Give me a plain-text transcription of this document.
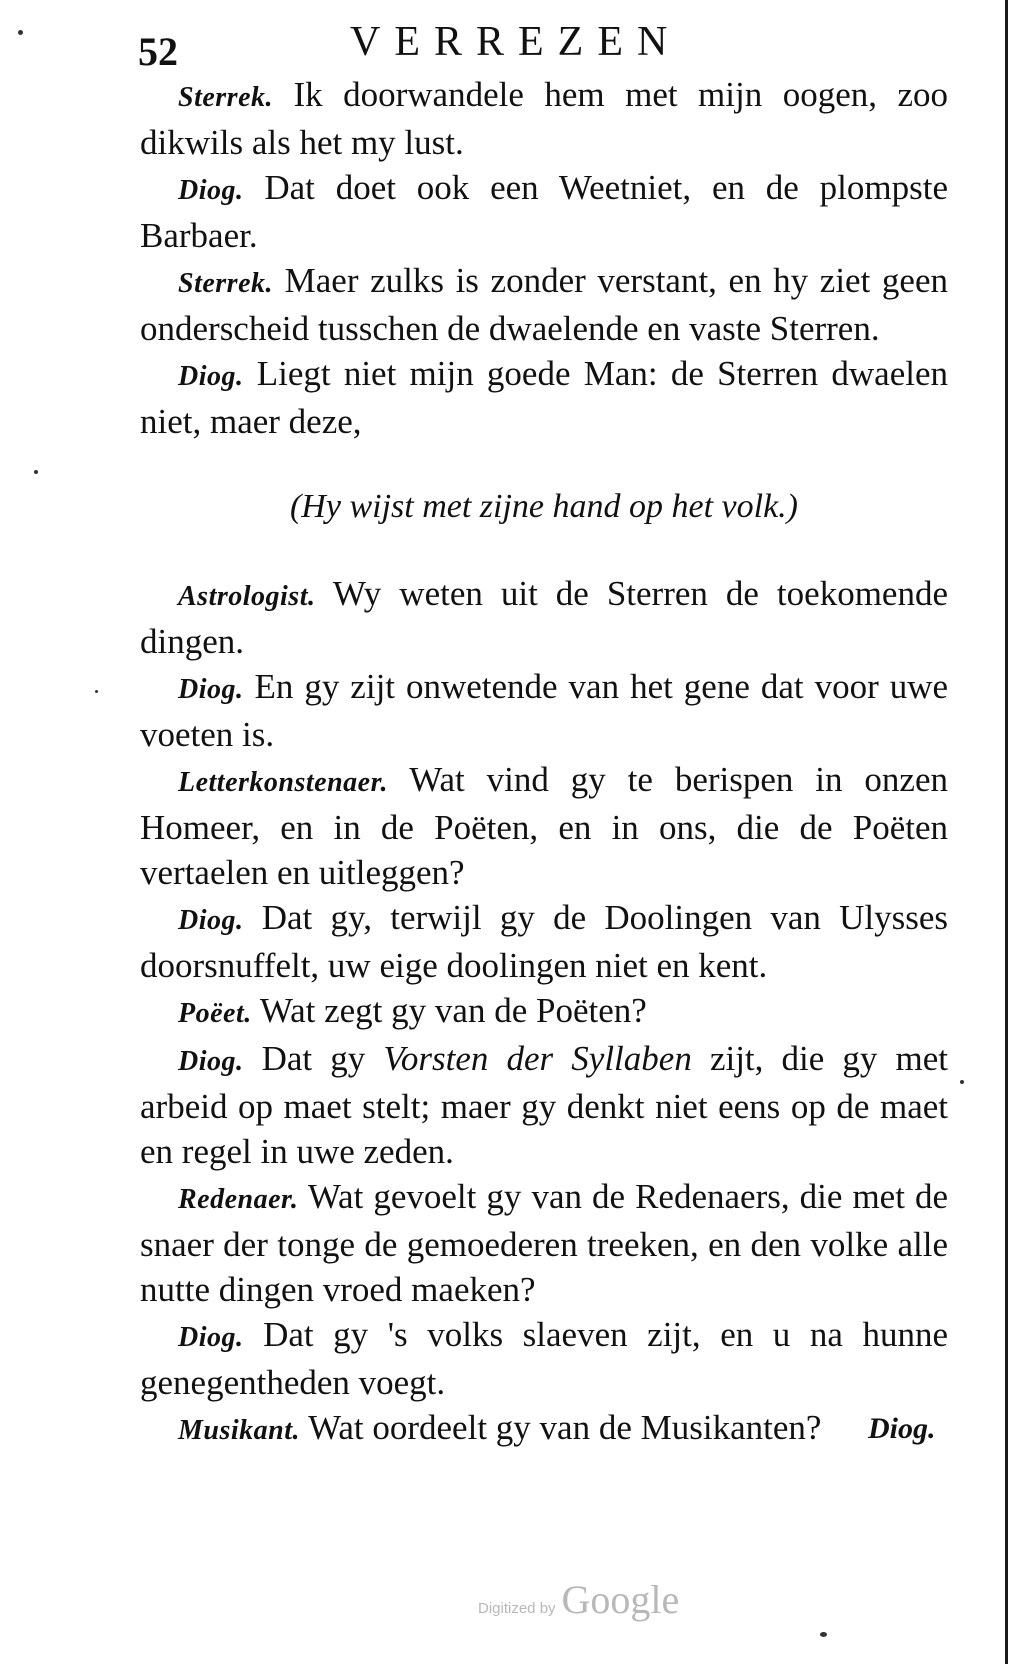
52	VERREZEN

Sterrek. Ik doorwandele hem met mijn oogen, zoo dikwils als het my lust.

Diog. Dat doet ook een Weetniet, en de plompste Barbaer.

Sterrek. Maer zulks is zonder verstant, en hy ziet geen onderscheid tusschen de dwaelende en vaste Sterren.

Diog. Liegt niet mijn goede Man: de Sterren dwaelen niet, maer deze,

(Hy wijst met zijne hand op het volk.)

Astrologist. Wy weten uit de Sterren de toekomende dingen.

Diog. En gy zijt onwetende van het gene dat voor uwe voeten is.

Letterkonstenaer. Wat vind gy te berispen in onzen Homeer, en in de Poëten, en in ons, die de Poëten vertaelen en uitleggen?

Diog. Dat gy, terwijl gy de Doolingen van Ulysses doorsnuffelt, uw eige doolingen niet en kent.

Poëet. Wat zegt gy van de Poëten?

Diog. Dat gy Vorsten der Syllaben zijt, die gy met arbeid op maet stelt; maer gy denkt niet eens op de maet en regel in uwe zeden.

Redenaer. Wat gevoelt gy van de Redenaers, die met de snaer der tonge de gemoederen treeken, en den volke alle nutte dingen vroed maeken?

Diog. Dat gy 's volks slaeven zijt, en u na hunne genegentheden voegt.

Musikant. Wat oordeelt gy van de Musikanten?	Diog.
Digitized by Google
